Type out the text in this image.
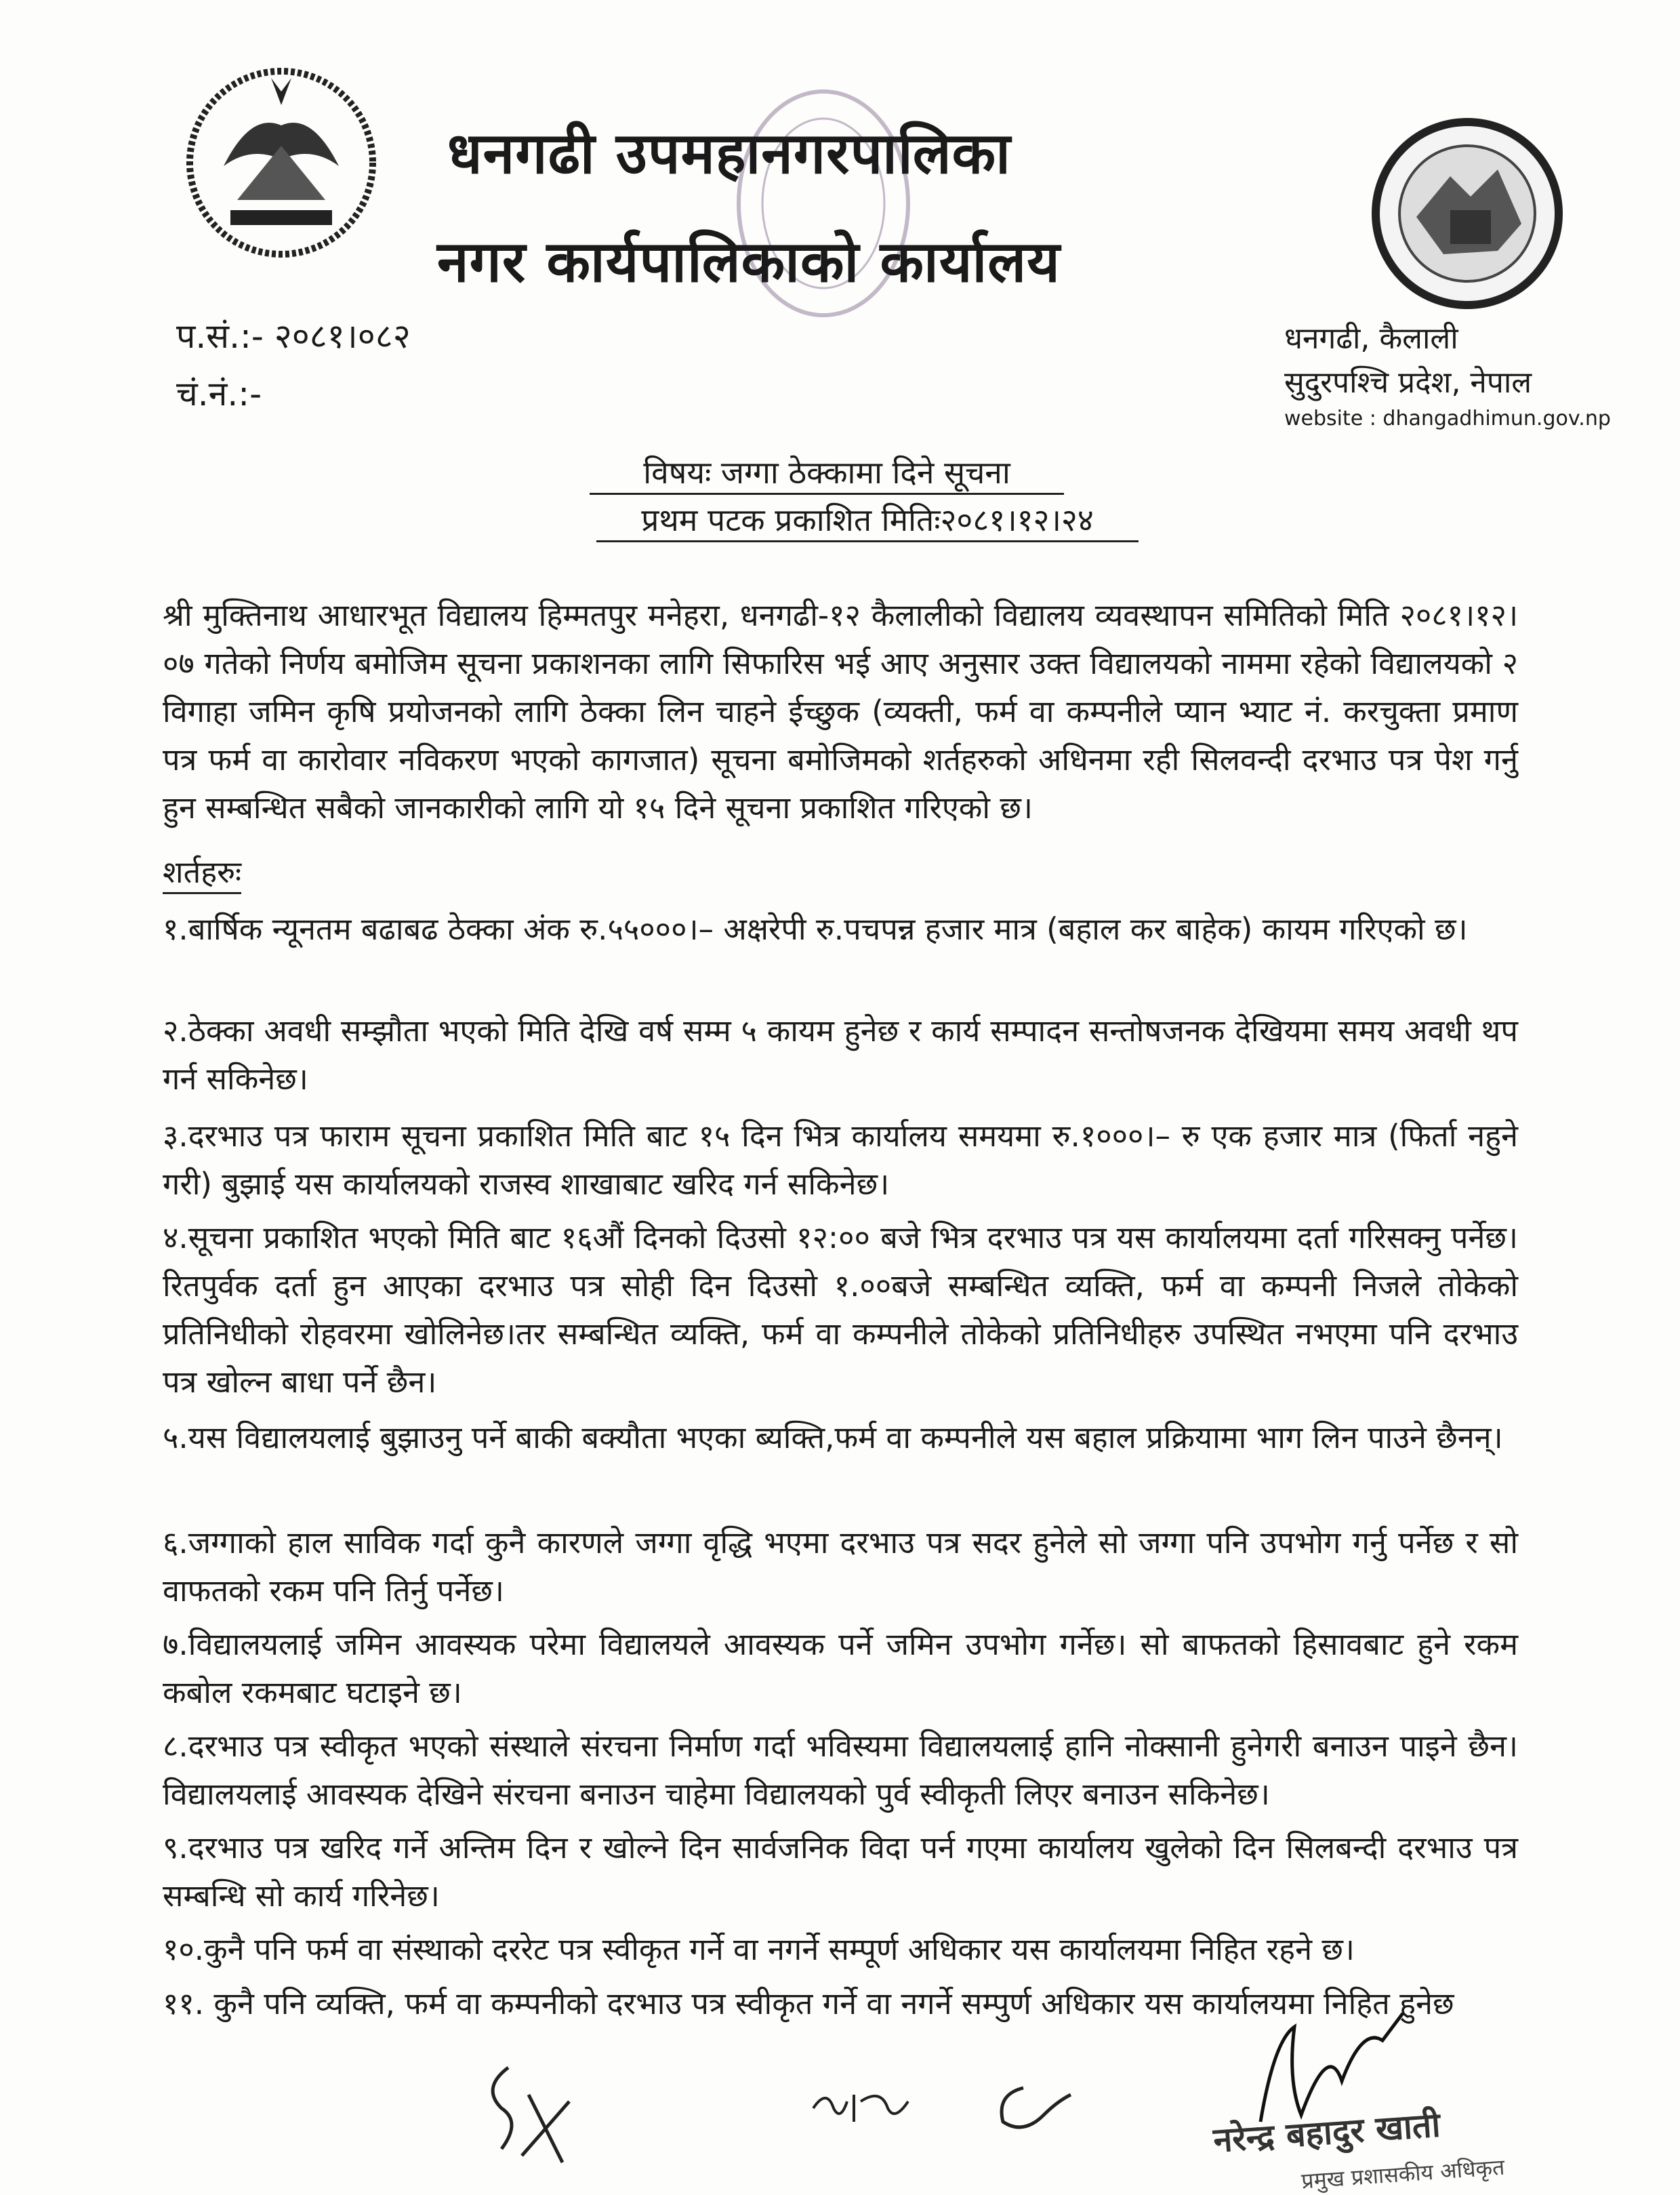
धनगढी उपमहानगरपालिका
नगर कार्यपालिकाको कार्यालय
प.सं.:- २०८१।०८२
चं.नं.:-
धनगढी, कैलाली
सुदुरपश्चि प्रदेश, नेपाल
website : dhangadhimun.gov.np
विषयः जग्गा ठेक्कामा दिने सूचना
प्रथम पटक प्रकाशित मितिः२०८१।१२।२४
श्री मुक्तिनाथ आधारभूत विद्यालय हिम्मतपुर मनेहरा, धनगढी-१२ कैलालीको विद्यालय व्यवस्थापन समितिको मिति २०८१।१२।०७ गतेको निर्णय बमोजिम सूचना प्रकाशनका लागि सिफारिस भई आए अनुसार उक्त विद्यालयको नाममा रहेको विद्यालयको २ विगाहा जमिन कृषि प्रयोजनको लागि ठेक्का लिन चाहने ईच्छुक (व्यक्ती, फर्म वा कम्पनीले प्यान भ्याट नं. करचुक्ता प्रमाण पत्र फर्म वा कारोवार नविकरण भएको कागजात) सूचना बमोजिमको शर्तहरुको अधिनमा रही सिलवन्दी दरभाउ पत्र पेश गर्नु हुन सम्बन्धित सबैको जानकारीको लागि यो १५ दिने सूचना प्रकाशित गरिएको छ।
शर्तहरुः
१.बार्षिक न्यूनतम बढाबढ ठेक्का अंक रु.५५०००।– अक्षरेपी रु.पचपन्न हजार मात्र (बहाल कर बाहेक) कायम गरिएको छ।
२.ठेक्का अवधी सम्झौता भएको मिति देखि वर्ष सम्म ५ कायम हुनेछ र कार्य सम्पादन सन्तोषजनक देखियमा समय अवधी थप गर्न सकिनेछ।
३.दरभाउ पत्र फाराम सूचना प्रकाशित मिति बाट १५ दिन भित्र कार्यालय समयमा रु.१०००।– रु एक हजार मात्र (फिर्ता नहुने गरी) बुझाई यस कार्यालयको राजस्व शाखाबाट खरिद गर्न सकिनेछ।
४.सूचना प्रकाशित भएको मिति बाट १६औं दिनको दिउसो १२:०० बजे भित्र दरभाउ पत्र यस कार्यालयमा दर्ता गरिसक्नु पर्नेछ।रितपुर्वक दर्ता हुन आएका दरभाउ पत्र सोही दिन दिउसो १.००बजे सम्बन्धित व्यक्ति, फर्म वा कम्पनी निजले तोकेको प्रतिनिधीको रोहवरमा खोलिनेछ।तर सम्बन्धित व्यक्ति, फर्म वा कम्पनीले तोकेको प्रतिनिधीहरु उपस्थित नभएमा पनि दरभाउ पत्र खोल्न बाधा पर्ने छैन।
५.यस विद्यालयलाई बुझाउनु पर्ने बाकी बक्यौता भएका ब्यक्ति,फर्म वा कम्पनीले यस बहाल प्रक्रियामा भाग लिन पाउने छैनन्।
६.जग्गाको हाल साविक गर्दा कुनै कारणले जग्गा वृद्धि भएमा दरभाउ पत्र सदर हुनेले सो जग्गा पनि उपभोग गर्नु पर्नेछ र सो वाफतको रकम पनि तिर्नु पर्नेछ।
७.विद्यालयलाई जमिन आवस्यक परेमा विद्यालयले आवस्यक पर्ने जमिन उपभोग गर्नेछ। सो बाफतको हिसावबाट हुने रकम कबोल रकमबाट घटाइने छ।
८.दरभाउ पत्र स्वीकृत भएको संस्थाले संरचना निर्माण गर्दा भविस्यमा विद्यालयलाई हानि नोक्सानी हुनेगरी बनाउन पाइने छैन। विद्यालयलाई आवस्यक देखिने संरचना बनाउन चाहेमा विद्यालयको पुर्व स्वीकृती लिएर बनाउन सकिनेछ।
९.दरभाउ पत्र खरिद गर्ने अन्तिम दिन र खोल्ने दिन सार्वजनिक विदा पर्न गएमा कार्यालय खुलेको दिन सिलबन्दी दरभाउ पत्र सम्बन्धि सो कार्य गरिनेछ।
१०.कुनै पनि फर्म वा संस्थाको दररेट पत्र स्वीकृत गर्ने वा नगर्ने सम्पूर्ण अधिकार यस कार्यालयमा निहित रहने छ।
११. कुनै पनि व्यक्ति, फर्म वा कम्पनीको दरभाउ पत्र स्वीकृत गर्ने वा नगर्ने सम्पुर्ण अधिकार यस कार्यालयमा निहित हुनेछ
नरेन्द्र बहादुर खाती
प्रमुख प्रशासकीय अधिकृत
